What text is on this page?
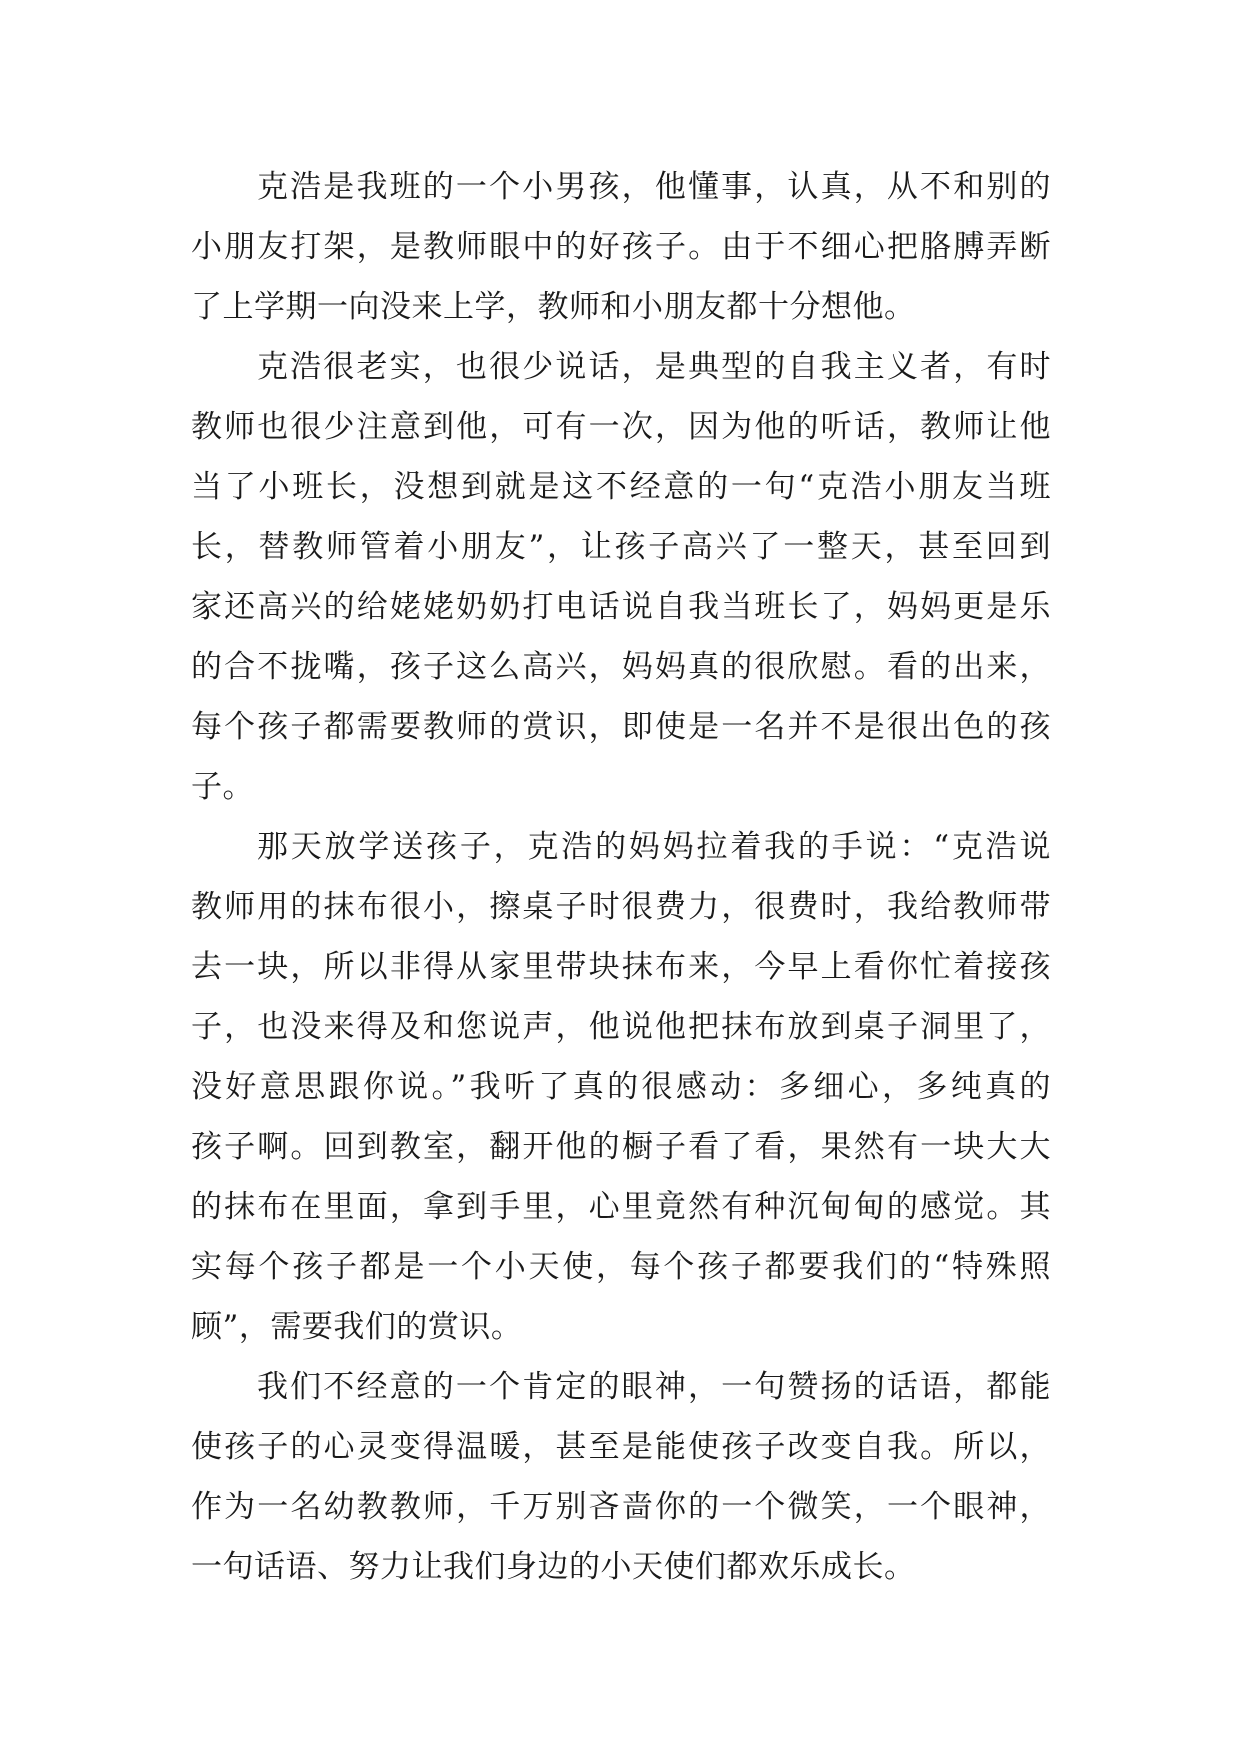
克浩是我班的一个小男孩，他懂事，认真，从不和别的
小朋友打架，是教师眼中的好孩子。由于不细心把胳膊弄断
了上学期一向没来上学，教师和小朋友都十分想他。
克浩很老实，也很少说话，是典型的自我主义者，有时
教师也很少注意到他，可有一次，因为他的听话，教师让他
当了小班长，没想到就是这不经意的一句“克浩小朋友当班
长，替教师管着小朋友”，让孩子高兴了一整天，甚至回到
家还高兴的给姥姥奶奶打电话说自我当班长了，妈妈更是乐
的合不拢嘴，孩子这么高兴，妈妈真的很欣慰。看的出来，
每个孩子都需要教师的赏识，即使是一名并不是很出色的孩
子。
那天放学送孩子，克浩的妈妈拉着我的手说：“克浩说
教师用的抹布很小，擦桌子时很费力，很费时，我给教师带
去一块，所以非得从家里带块抹布来，今早上看你忙着接孩
子，也没来得及和您说声，他说他把抹布放到桌子洞里了，
没好意思跟你说。”我听了真的很感动：多细心，多纯真的
孩子啊。回到教室，翻开他的橱子看了看，果然有一块大大
的抹布在里面，拿到手里，心里竟然有种沉甸甸的感觉。其
实每个孩子都是一个小天使，每个孩子都要我们的“特殊照
顾”，需要我们的赏识。
我们不经意的一个肯定的眼神，一句赞扬的话语，都能
使孩子的心灵变得温暖，甚至是能使孩子改变自我。所以，
作为一名幼教教师，千万别吝啬你的一个微笑，一个眼神，
一句话语、努力让我们身边的小天使们都欢乐成长。
